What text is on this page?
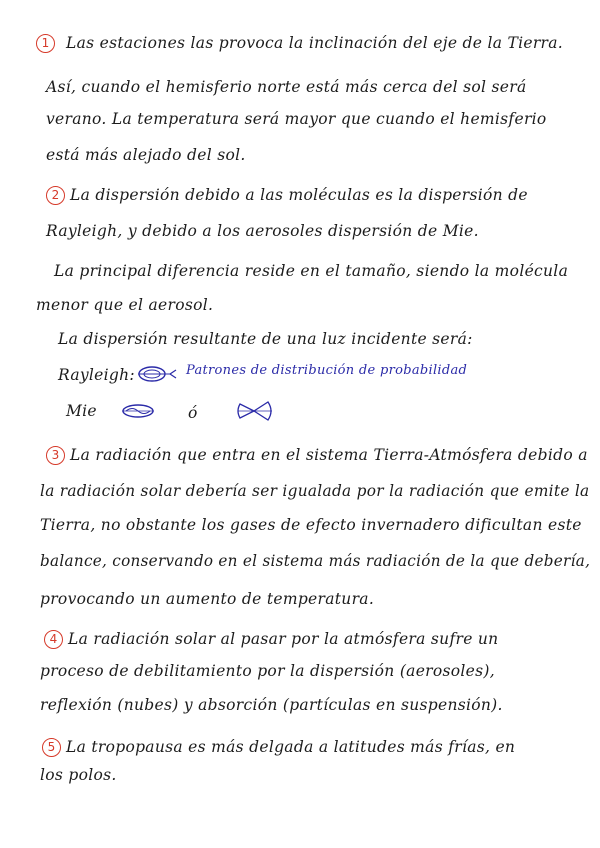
1	Las estaciones las provoca la inclinación del eje de la Tierra.
Así, cuando el hemisferio norte está más cerca del sol será
verano. La temperatura será mayor que cuando el hemisferio
está más alejado del sol.
2 La dispersión debido a las moléculas es la dispersión de
Rayleigh, y debido a los aerosoles dispersión de Mie.
La principal diferencia reside en el tamaño, siendo la molécula
menor que el aerosol.
La dispersión resultante de una luz incidente será:
Rayleigh:	Patrones de distribución de probabilidad
Mie	ó
3 La radiación que entra en el sistema Tierra-Atmósfera debido a
la radiación solar debería ser igualada por la radiación que emite la
Tierra, no obstante los gases de efecto invernadero dificultan este
balance, conservando en el sistema más radiación de la que debería,
provocando un aumento de temperatura.
4 La radiación solar al pasar por la atmósfera sufre un
proceso de debilitamiento por la dispersión (aerosoles),
reflexión (nubes) y absorción (partículas en suspensión).
5 La tropopausa es más delgada a latitudes más frías, en
los polos.
